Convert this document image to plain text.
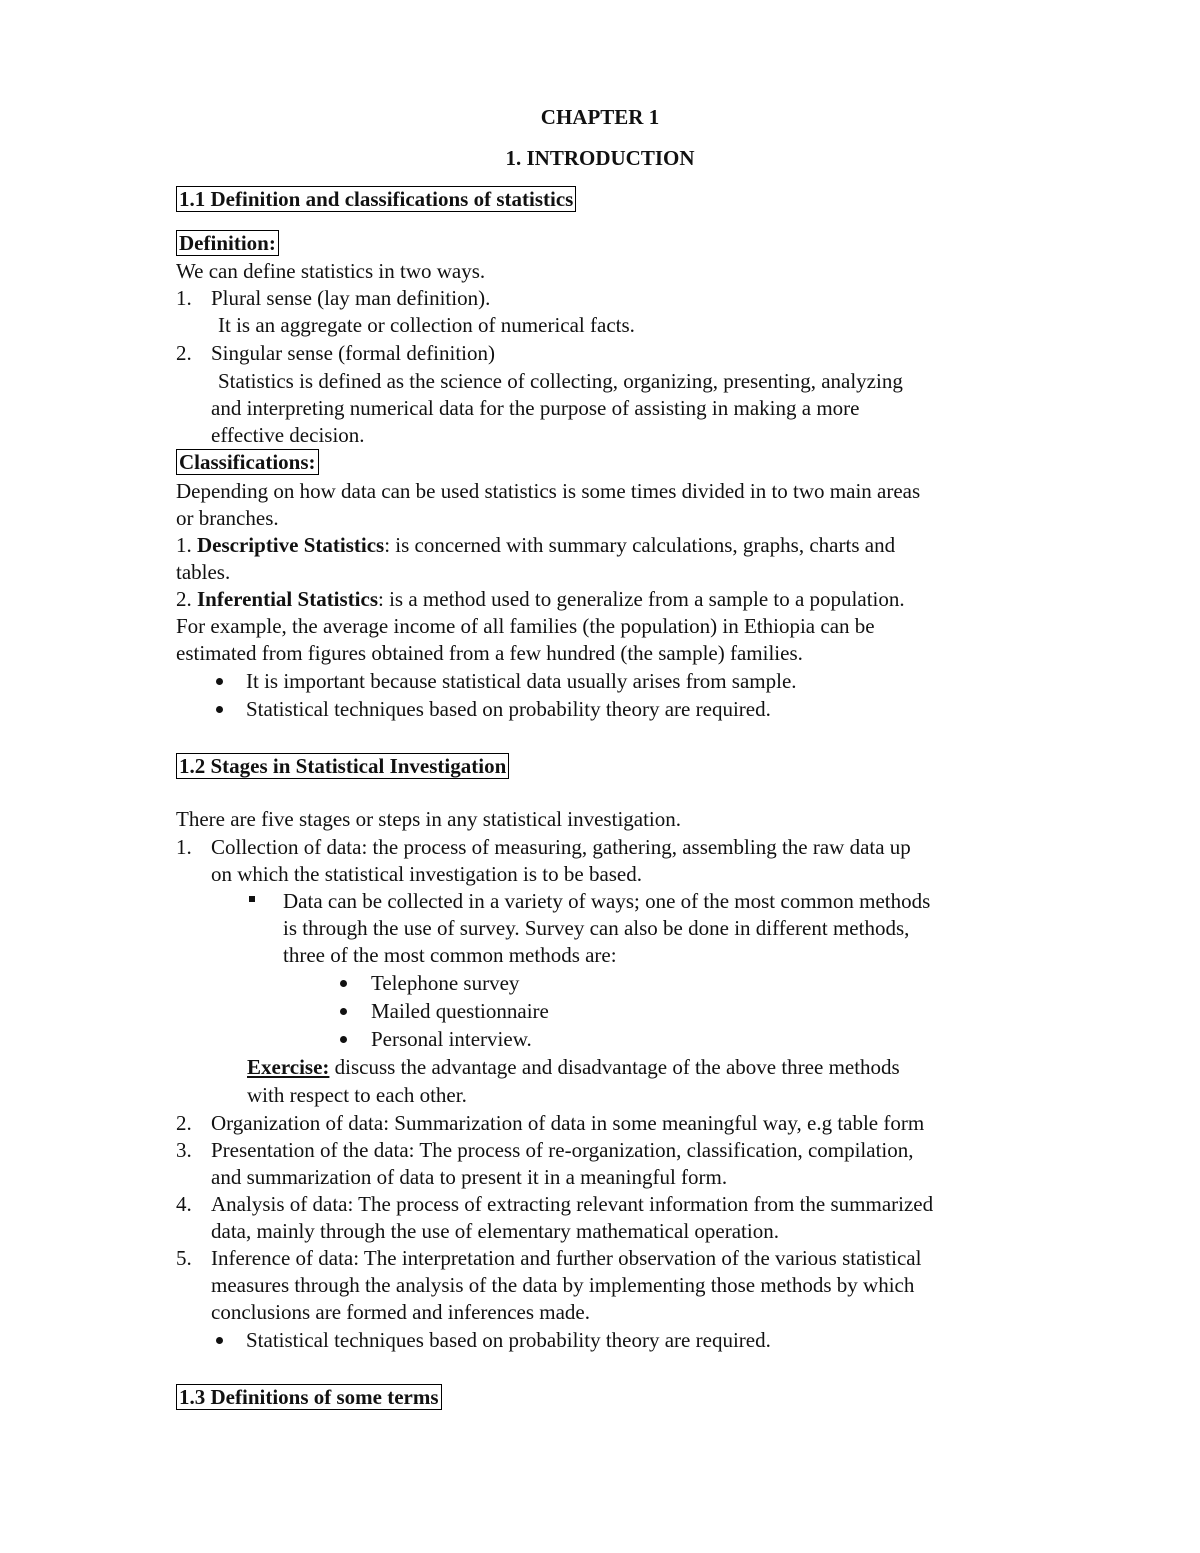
CHAPTER 1

1. INTRODUCTION

1.1 Definition and classifications of statistics

Definition:

We can define statistics in two ways.

1. Plural sense (lay man definition).

It is an aggregate or collection of numerical facts.

2. Singular sense (formal definition)

Statistics is defined as the science of collecting, organizing, presenting, analyzing

and interpreting numerical data for the purpose of assisting in making a more

effective decision.

Classifications:

Depending on how data can be used statistics is some times divided in to two main areas

or branches.

1. Descriptive Statistics: is concerned with summary calculations, graphs, charts and

tables.

2. Inferential Statistics: is a method used to generalize from a sample to a population.

For example, the average income of all families (the population) in Ethiopia can be

estimated from figures obtained from a few hundred (the sample) families.

It is important because statistical data usually arises from sample.

Statistical techniques based on probability theory are required.

1.2 Stages in Statistical Investigation

There are five stages or steps in any statistical investigation.

1. Collection of data: the process of measuring, gathering, assembling the raw data up

on which the statistical investigation is to be based.

Data can be collected in a variety of ways; one of the most common methods

is through the use of survey. Survey can also be done in different methods,

three of the most common methods are:

Telephone survey

Mailed questionnaire

Personal interview.

Exercise: discuss the advantage and disadvantage of the above three methods

with respect to each other.

2. Organization of data: Summarization of data in some meaningful way, e.g table form

3. Presentation of the data: The process of re-organization, classification, compilation,

and summarization of data to present it in a meaningful form.

4. Analysis of data: The process of extracting relevant information from the summarized

data, mainly through the use of elementary mathematical operation.

5. Inference of data: The interpretation and further observation of the various statistical

measures through the analysis of the data by implementing those methods by which

conclusions are formed and inferences made.

Statistical techniques based on probability theory are required.

1.3 Definitions of some terms
